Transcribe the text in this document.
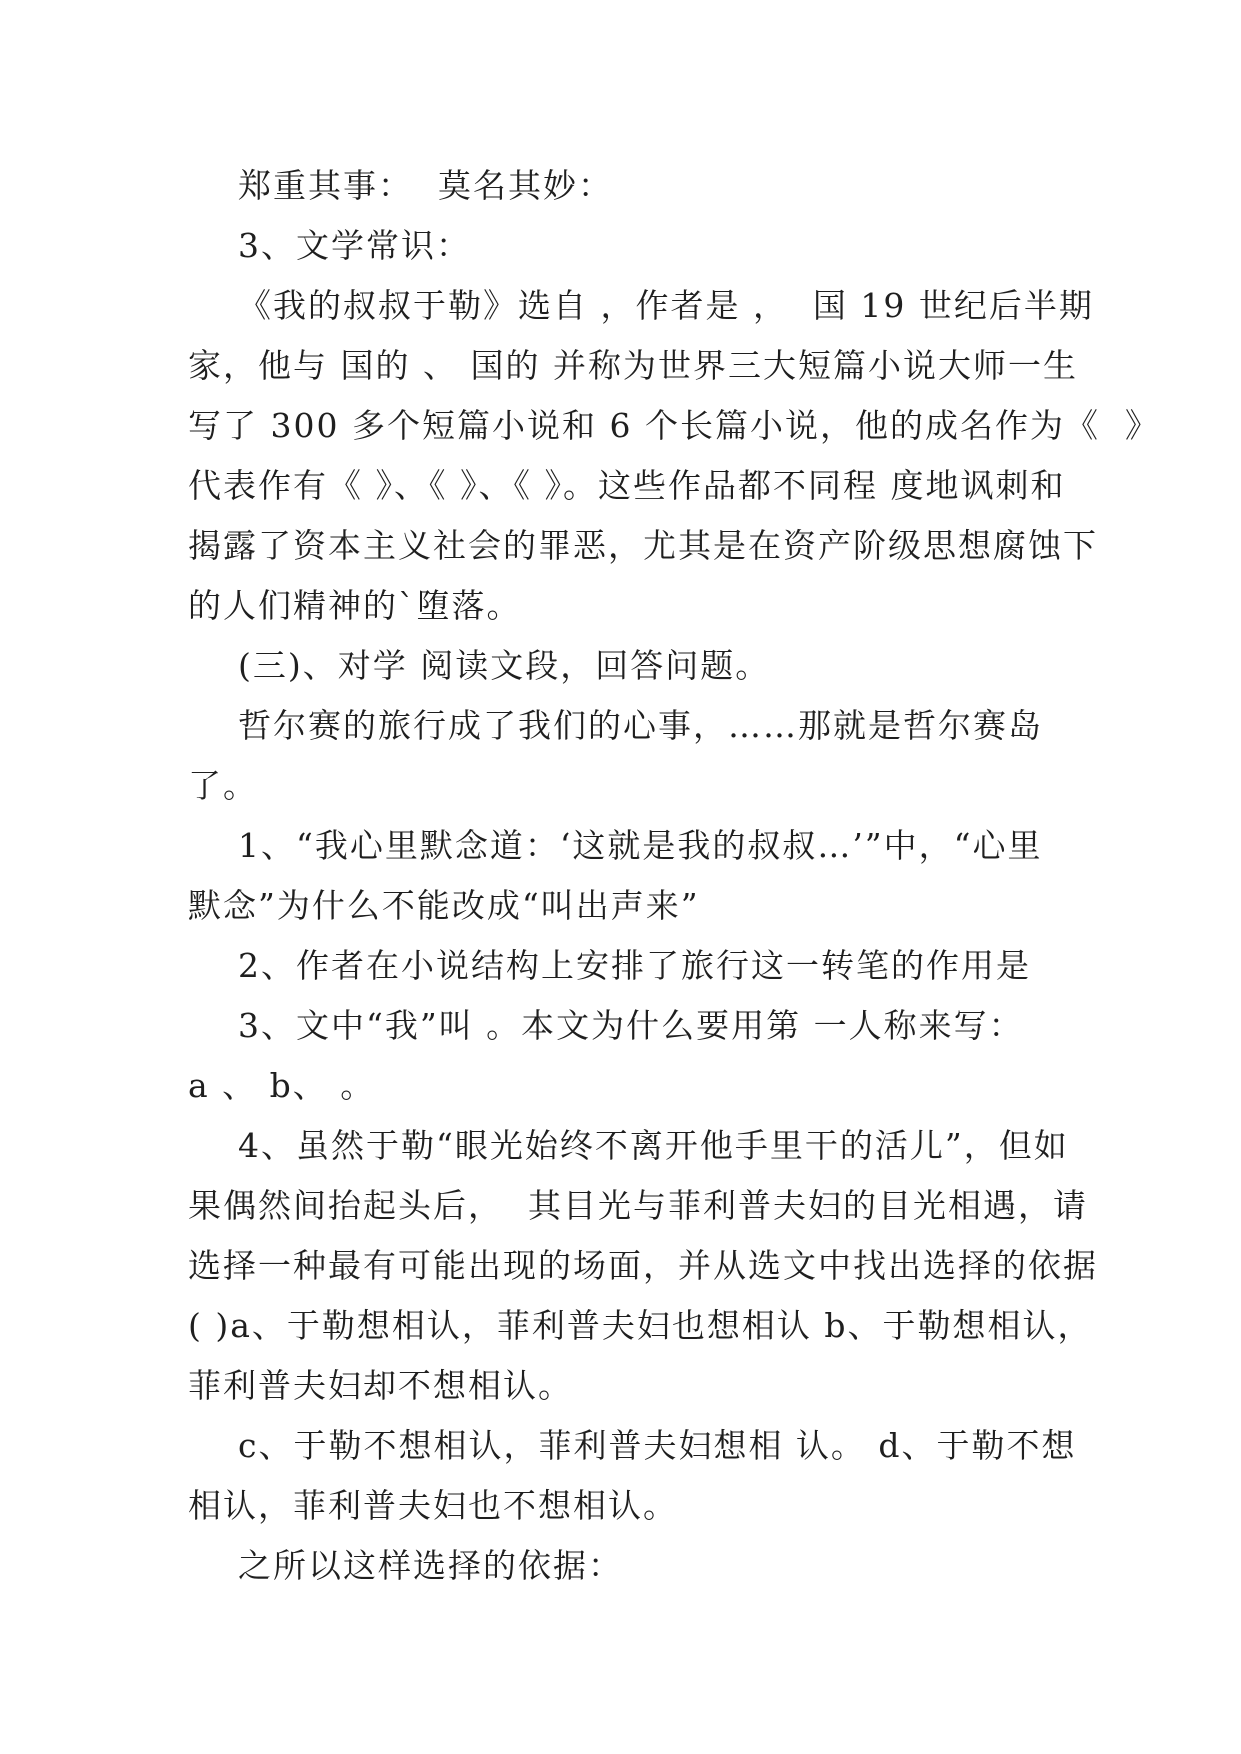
郑重其事：  莫名其妙：
3、文学常识：
《我的叔叔于勒》选自 ，作者是 ，  国 19 世纪后半期
家，他与 国的 、 国的 并称为世界三大短篇小说大师一生
写了 300 多个短篇小说和 6 个长篇小说，他的成名作为《  》
代表作有《 》、《 》、《 》。这些作品都不同程 度地讽刺和
揭露了资本主义社会的罪恶，尤其是在资产阶级思想腐蚀下
的人们精神的`堕落。
(三)、对学 阅读文段，回答问题。
哲尔赛的旅行成了我们的心事，……那就是哲尔赛岛
了。
1、“我心里默念道：‘这就是我的叔叔…’”中，“心里
默念”为什么不能改成“叫出声来”
2、作者在小说结构上安排了旅行这一转笔的作用是
3、文中“我”叫 。本文为什么要用第 一人称来写：
a 、 b、 。
4、虽然于勒“眼光始终不离开他手里干的活儿”，但如
果偶然间抬起头后，  其目光与菲利普夫妇的目光相遇，请
选择一种最有可能出现的场面，并从选文中找出选择的依据
( )a、于勒想相认，菲利普夫妇也想相认 b、于勒想相认，
菲利普夫妇却不想相认。
c、于勒不想相认，菲利普夫妇想相 认。 d、于勒不想
相认，菲利普夫妇也不想相认。
之所以这样选择的依据：
